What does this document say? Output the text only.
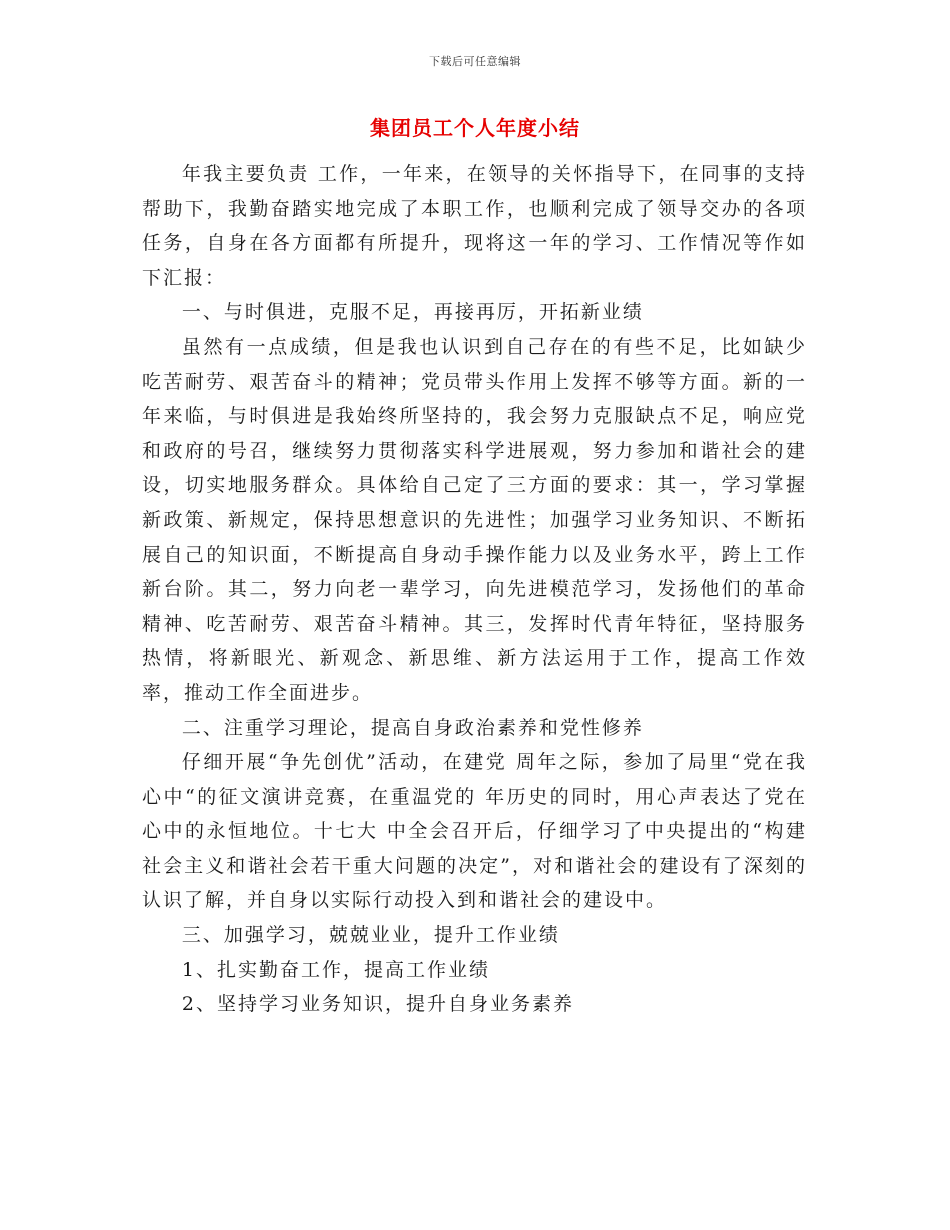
下载后可任意编辑
集团员工个人年度小结

年我主要负责 工作，一年来，在领导的关怀指导下，在同事的支持帮助下，我勤奋踏实地完成了本职工作，也顺利完成了领导交办的各项任务，自身在各方面都有所提升，现将这一年的学习、工作情况等作如下汇报：

一、与时俱进，克服不足，再接再厉，开拓新业绩

虽然有一点成绩，但是我也认识到自己存在的有些不足，比如缺少吃苦耐劳、艰苦奋斗的精神；党员带头作用上发挥不够等方面。新的一年来临，与时俱进是我始终所坚持的，我会努力克服缺点不足，响应党和政府的号召，继续努力贯彻落实科学进展观，努力参加和谐社会的建设，切实地服务群众。具体给自己定了三方面的要求：其一，学习掌握新政策、新规定，保持思想意识的先进性；加强学习业务知识、不断拓展自己的知识面，不断提高自身动手操作能力以及业务水平，跨上工作新台阶。其二，努力向老一辈学习，向先进模范学习，发扬他们的革命精神、吃苦耐劳、艰苦奋斗精神。其三，发挥时代青年特征，坚持服务热情，将新眼光、新观念、新思维、新方法运用于工作，提高工作效率，推动工作全面进步。

二、注重学习理论，提高自身政治素养和党性修养

仔细开展“争先创优”活动，在建党 周年之际，参加了局里“党在我心中“的征文演讲竞赛，在重温党的 年历史的同时，用心声表达了党在心中的永恒地位。十七大 中全会召开后，仔细学习了中央提出的“构建社会主义和谐社会若干重大问题的决定”，对和谐社会的建设有了深刻的认识了解，并自身以实际行动投入到和谐社会的建设中。

三、加强学习，兢兢业业，提升工作业绩

1、扎实勤奋工作，提高工作业绩

2、坚持学习业务知识，提升自身业务素养
